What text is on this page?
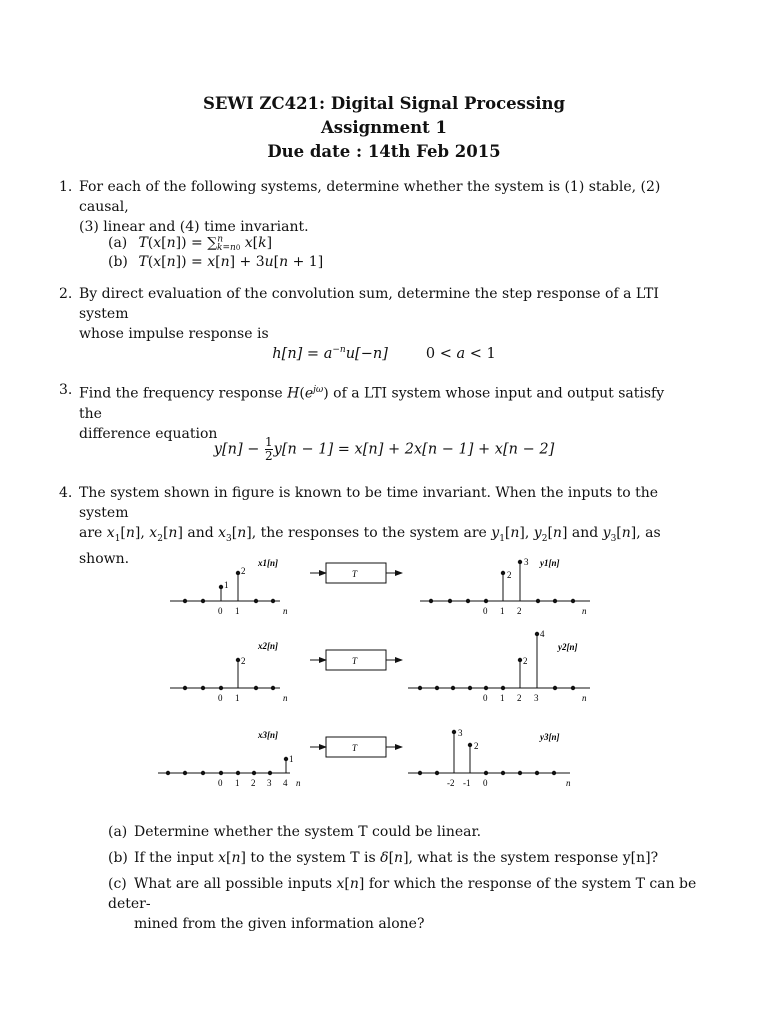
SEWI ZC421: Digital Signal Processing
Assignment 1
Due date : 14th Feb 2015
1. For each of the following systems, determine whether the system is (1) stable, (2) causal,
(3) linear and (4) time invariant.
(a) T(x[n]) = ∑$^n_{k=n0}$ x[k]
(b) T(x[n]) = x[n] + 3u[n + 1]
2. By direct evaluation of the convolution sum, determine the step response of a LTI system
whose impulse response is
$h[n] = a^{-n}u[-n]$	0 < a < 1
3. Find the frequency response $H(e^{j\omega})$ of a LTI system whose input and output satisfy the
difference equation
$y[n] - \frac{1}{2} y[n - 1] = x[n] + 2x[n - 1] + x[n - 2]$
4. The system shown in figure is known to be time invariant. When the inputs to the system
are $x_1[n]$, $x_2[n]$ and $x_3[n]$, the responses to the system are $y_1[n]$, $y_2[n]$ and $y_3[n]$, as shown.
1
2
0 1	n
x1[n]
T	2
3
0 1 2	n
y1[n]
2
0 1	n
x2[n]
T	2
4
0 1 2 3	n
y2[n]
1
0 1 2 3 4 n
x3[n]
T
3
2
-2 -1 0	n
y3[n]
(a) Determine whether the system T could be linear.
(b) If the input x[n] to the system T is δ[n], what is the system response y[n]?
(c) What are all possible inputs x[n] for which the response of the system T can be deter-
mined from the given information alone?
